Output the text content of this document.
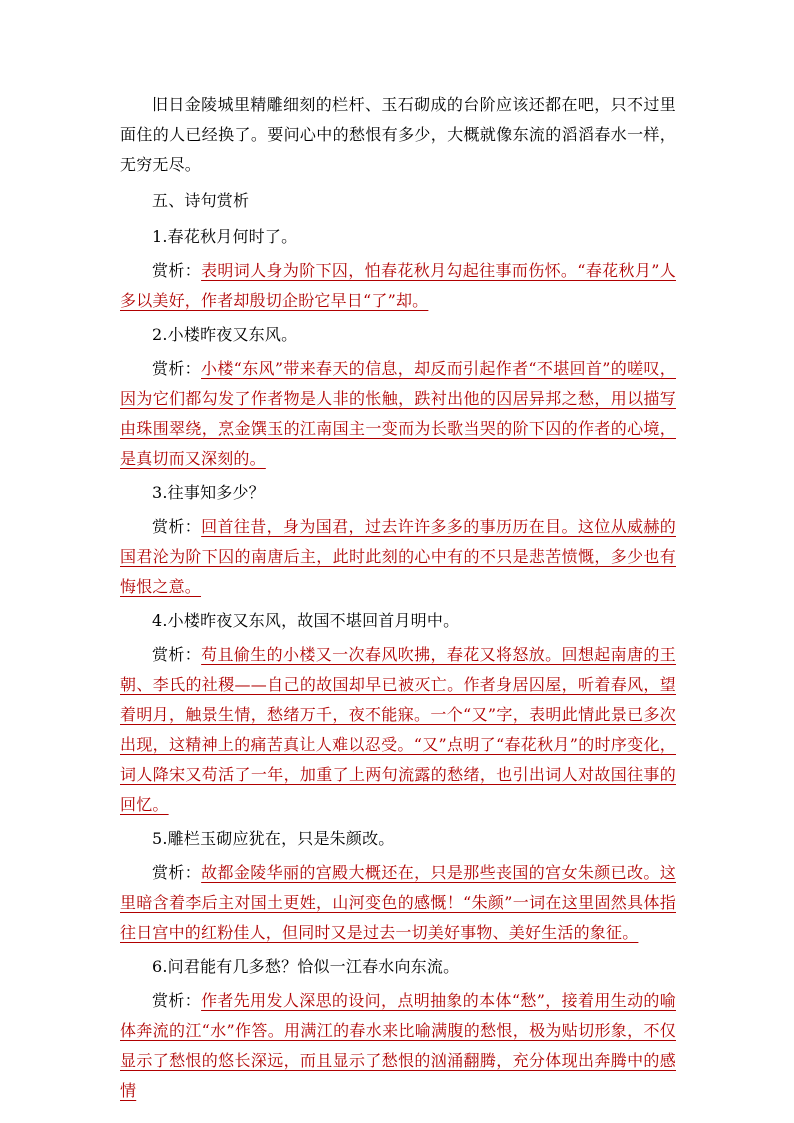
旧日金陵城里精雕细刻的栏杆、玉石砌成的台阶应该还都在吧，只不过里面住的人已经换了。要问心中的愁恨有多少，大概就像东流的滔滔春水一样，无穷无尽。

五、诗句赏析

1.春花秋月何时了。

赏析：表明词人身为阶下囚，怕春花秋月勾起往事而伤怀。“春花秋月”人多以美好，作者却殷切企盼它早日“了”却。

2.小楼昨夜又东风。

赏析：小楼“东风”带来春天的信息，却反而引起作者“不堪回首”的嗟叹，因为它们都勾发了作者物是人非的怅触，跌衬出他的囚居异邦之愁，用以描写由珠围翠绕，烹金馔玉的江南国主一变而为长歌当哭的阶下囚的作者的心境，是真切而又深刻的。

3.往事知多少？

赏析：回首往昔，身为国君，过去许许多多的事历历在目。这位从威赫的国君沦为阶下囚的南唐后主，此时此刻的心中有的不只是悲苦愤慨，多少也有悔恨之意。

4.小楼昨夜又东风，故国不堪回首月明中。

赏析：苟且偷生的小楼又一次春风吹拂，春花又将怒放。回想起南唐的王朝、李氏的社稷——自己的故国却早已被灭亡。作者身居囚屋，听着春风，望着明月，触景生情，愁绪万千，夜不能寐。一个“又”字，表明此情此景已多次出现，这精神上的痛苦真让人难以忍受。“又”点明了“春花秋月”的时序变化，词人降宋又苟活了一年，加重了上两句流露的愁绪，也引出词人对故国往事的回忆。

5.雕栏玉砌应犹在，只是朱颜改。

赏析：故都金陵华丽的宫殿大概还在，只是那些丧国的宫女朱颜已改。这里暗含着李后主对国土更姓，山河变色的感慨！“朱颜”一词在这里固然具体指往日宫中的红粉佳人，但同时又是过去一切美好事物、美好生活的象征。

6.问君能有几多愁？恰似一江春水向东流。

赏析：作者先用发人深思的设问，点明抽象的本体“愁”，接着用生动的喻体奔流的江“水”作答。用满江的春水来比喻满腹的愁恨，极为贴切形象，不仅显示了愁恨的悠长深远，而且显示了愁恨的汹涌翻腾，充分体现出奔腾中的感情
